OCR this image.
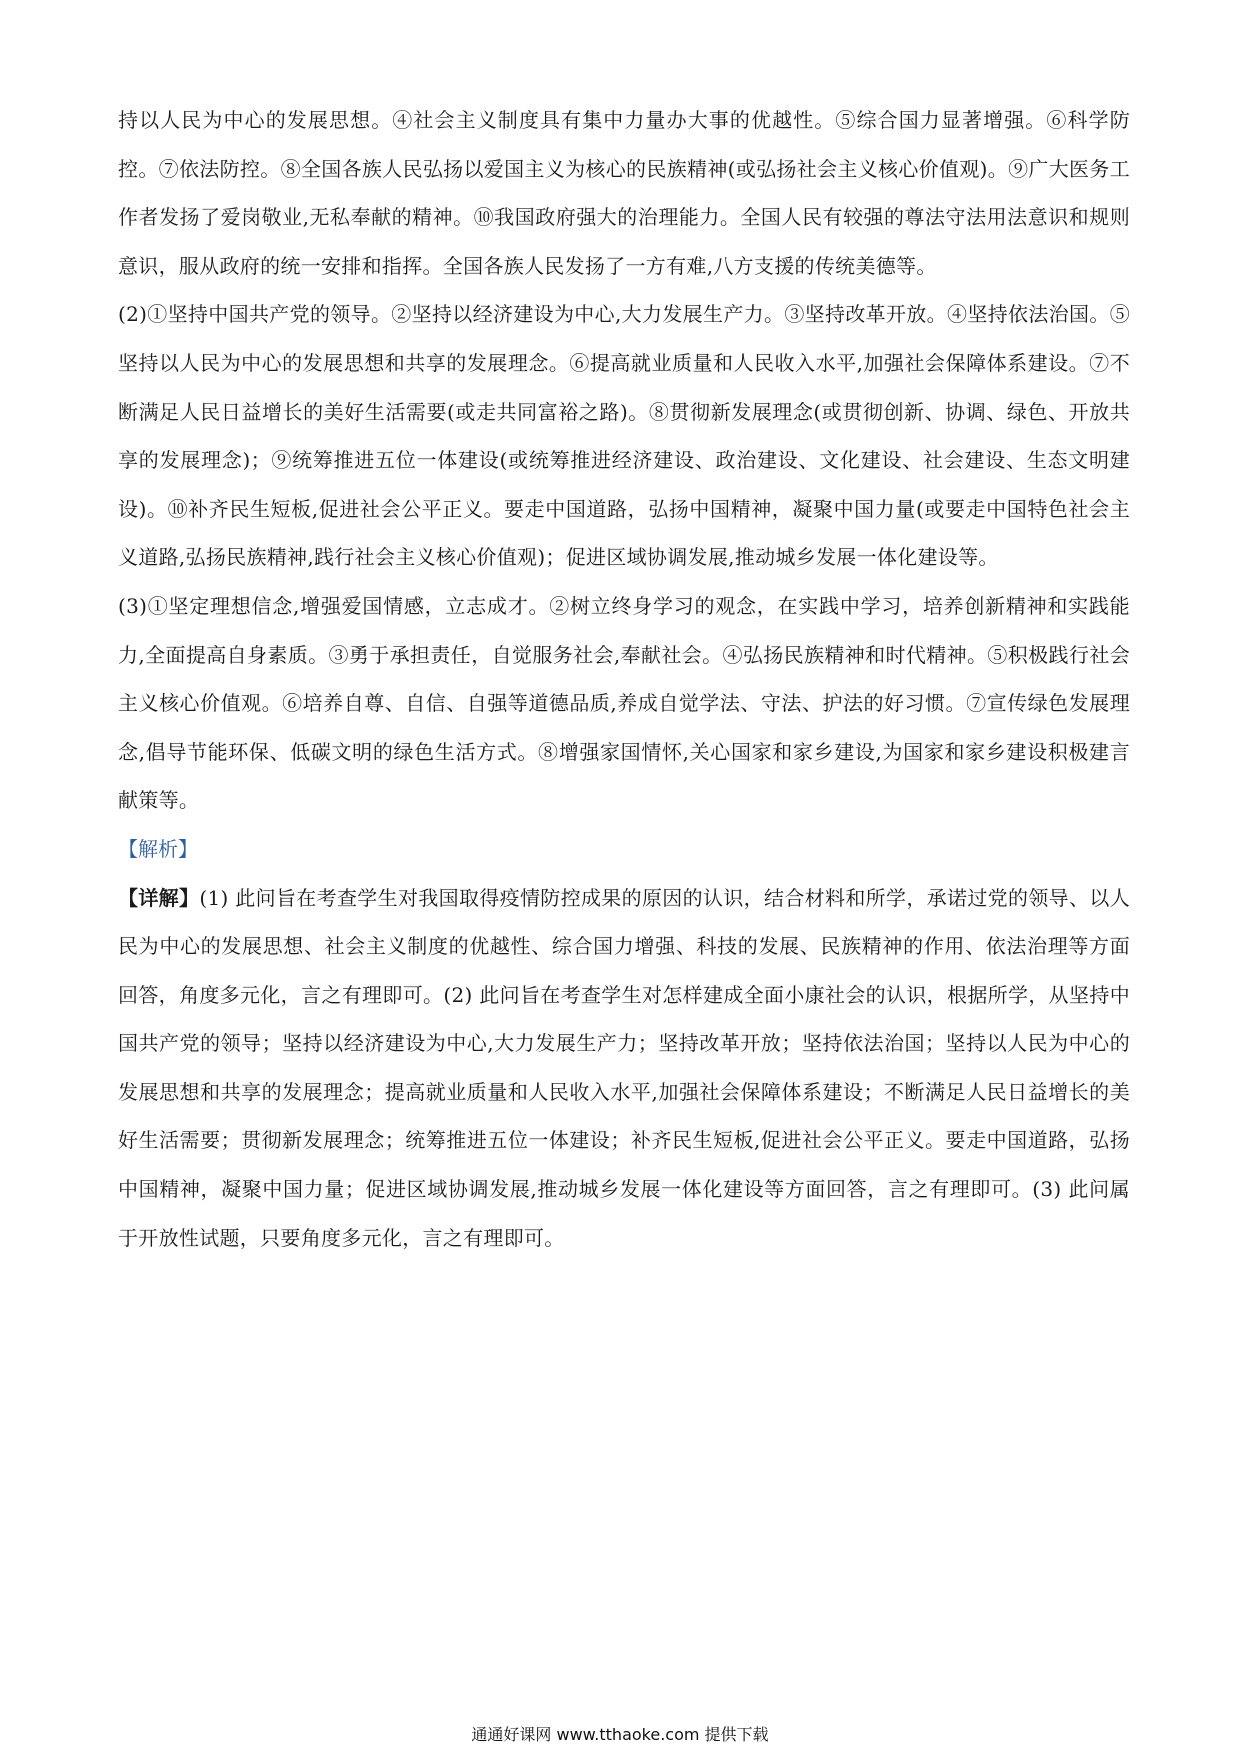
持以人民为中心的发展思想。④社会主义制度具有集中力量办大事的优越性。⑤综合国力显著增强。⑥科学防控。⑦依法防控。⑧全国各族人民弘扬以爱国主义为核心的民族精神(或弘扬社会主义核心价值观)。⑨广大医务工作者发扬了爱岗敬业,无私奉献的精神。⑩我国政府强大的治理能力。全国人民有较强的尊法守法用法意识和规则意识，服从政府的统一安排和指挥。全国各族人民发扬了一方有难,八方支援的传统美德等。

(2)①坚持中国共产党的领导。②坚持以经济建设为中心,大力发展生产力。③坚持改革开放。④坚持依法治国。⑤坚持以人民为中心的发展思想和共享的发展理念。⑥提高就业质量和人民收入水平,加强社会保障体系建设。⑦不断满足人民日益增长的美好生活需要(或走共同富裕之路)。⑧贯彻新发展理念(或贯彻创新、协调、绿色、开放共享的发展理念)；⑨统筹推进五位一体建设(或统筹推进经济建设、政治建设、文化建设、社会建设、生态文明建设)。⑩补齐民生短板,促进社会公平正义。要走中国道路，弘扬中国精神，凝聚中国力量(或要走中国特色社会主义道路,弘扬民族精神,践行社会主义核心价值观)；促进区域协调发展,推动城乡发展一体化建设等。

(3)①坚定理想信念,增强爱国情感，立志成才。②树立终身学习的观念，在实践中学习，培养创新精神和实践能力,全面提高自身素质。③勇于承担责任，自觉服务社会,奉献社会。④弘扬民族精神和时代精神。⑤积极践行社会主义核心价值观。⑥培养自尊、自信、自强等道德品质,养成自觉学法、守法、护法的好习惯。⑦宣传绿色发展理念,倡导节能环保、低碳文明的绿色生活方式。⑧增强家国情怀,关心国家和家乡建设,为国家和家乡建设积极建言献策等。

【解析】

【详解】(1) 此问旨在考查学生对我国取得疫情防控成果的原因的认识，结合材料和所学，承诺过党的领导、以人民为中心的发展思想、社会主义制度的优越性、综合国力增强、科技的发展、民族精神的作用、依法治理等方面回答，角度多元化，言之有理即可。(2) 此问旨在考查学生对怎样建成全面小康社会的认识，根据所学，从坚持中国共产党的领导；坚持以经济建设为中心,大力发展生产力；坚持改革开放；坚持依法治国；坚持以人民为中心的发展思想和共享的发展理念；提高就业质量和人民收入水平,加强社会保障体系建设；不断满足人民日益增长的美好生活需要；贯彻新发展理念；统筹推进五位一体建设；补齐民生短板,促进社会公平正义。要走中国道路，弘扬中国精神，凝聚中国力量；促进区域协调发展,推动城乡发展一体化建设等方面回答，言之有理即可。(3) 此问属于开放性试题，只要角度多元化，言之有理即可。

通通好课网 www.tthaoke.com 提供下载
